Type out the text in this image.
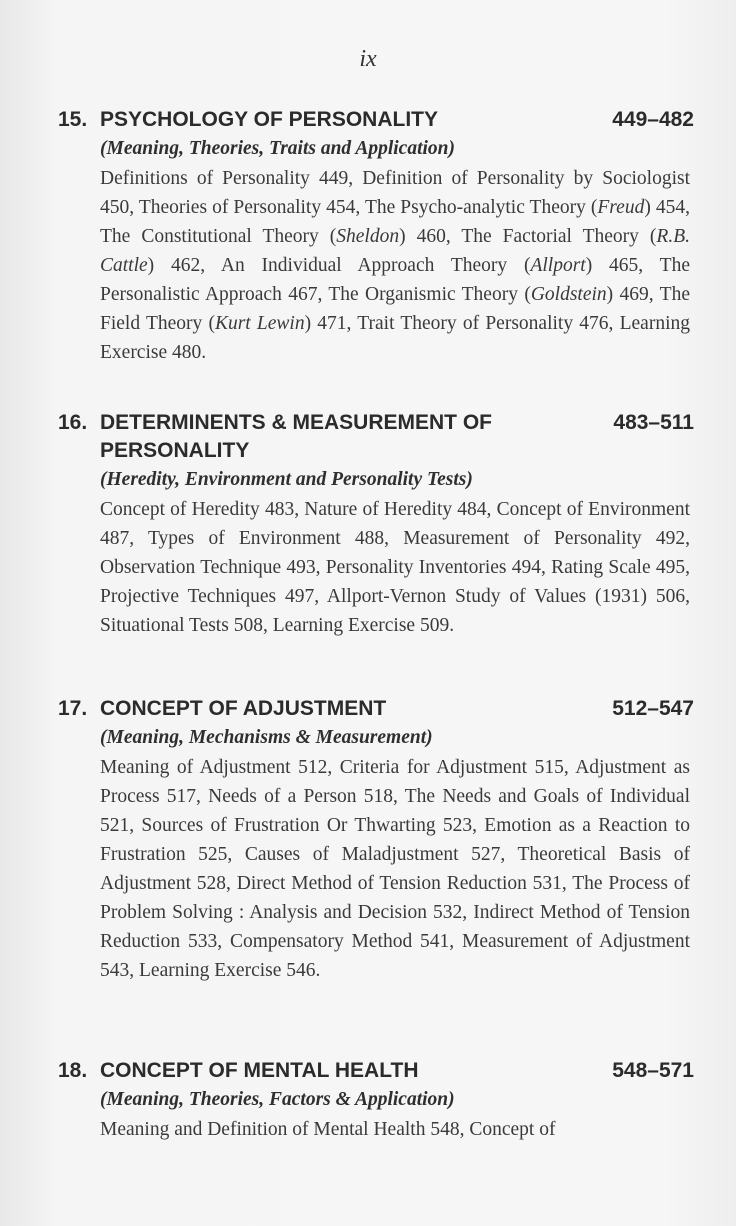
ix
15. PSYCHOLOGY OF PERSONALITY	449–482
(Meaning, Theories, Traits and Application)
Definitions of Personality 449, Definition of Personality by Sociologist 450, Theories of Personality 454, The Psycho-analytic Theory (Freud) 454, The Constitutional Theory (Sheldon) 460, The Factorial Theory (R.B. Cattle) 462, An Individual Approach Theory (Allport) 465, The Personalistic Approach 467, The Organismic Theory (Goldstein) 469, The Field Theory (Kurt Lewin) 471, Trait Theory of Personality 476, Learning Exercise 480.
16. DETERMINENTS & MEASUREMENT OF PERSONALITY
483–511
(Heredity, Environment and Personality Tests)
Concept of Heredity 483, Nature of Heredity 484, Concept of Environment 487, Types of Environment 488, Measurement of Personality 492, Observation Technique 493, Personality Inventories 494, Rating Scale 495, Projective Techniques 497, Allport-Vernon Study of Values (1931) 506, Situational Tests 508, Learning Exercise 509.
17. CONCEPT OF ADJUSTMENT	512–547
(Meaning, Mechanisms & Measurement)
Meaning of Adjustment 512, Criteria for Adjustment 515, Adjustment as Process 517, Needs of a Person 518, The Needs and Goals of Individual 521, Sources of Frustration Or Thwarting 523, Emotion as a Reaction to Frustration 525, Causes of Maladjustment 527, Theoretical Basis of Adjustment 528, Direct Method of Tension Reduction 531, The Process of Problem Solving : Analysis and Decision 532, Indirect Method of Tension Reduction 533, Compensatory Method 541, Measurement of Adjustment 543, Learning Exercise 546.
18. CONCEPT OF MENTAL HEALTH	548–571
(Meaning, Theories, Factors & Application)
Meaning and Definition of Mental Health 548, Concept of
